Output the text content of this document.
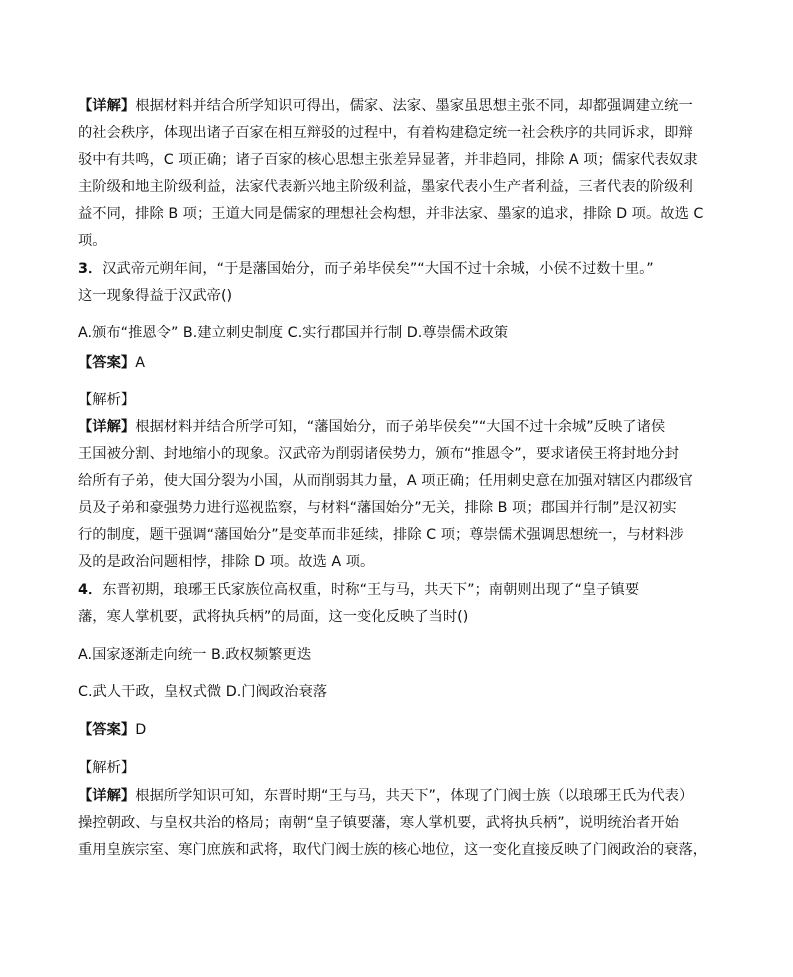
【详解】根据材料并结合所学知识可得出，儒家、法家、墨家虽思想主张不同，却都强调建立统一
的社会秩序，体现出诸子百家在相互辩驳的过程中，有着构建稳定统一社会秩序的共同诉求，即辩
驳中有共鸣，C 项正确；诸子百家的核心思想主张差异显著，并非趋同，排除 A 项；儒家代表奴隶
主阶级和地主阶级利益，法家代表新兴地主阶级利益，墨家代表小生产者利益，三者代表的阶级利
益不同，排除 B 项；王道大同是儒家的理想社会构想，并非法家、墨家的追求，排除 D 项。故选 C
项。
3．汉武帝元朔年间，“于是藩国始分，而子弟毕侯矣”“大国不过十余城，小侯不过数十里。”
这一现象得益于汉武帝()
A.颁布“推恩令” B.建立刺史制度 C.实行郡国并行制 D.尊崇儒术政策
【答案】A
【解析】
【详解】根据材料并结合所学可知，“藩国始分，而子弟毕侯矣”“大国不过十余城”反映了诸侯
王国被分割、封地缩小的现象。汉武帝为削弱诸侯势力，颁布“推恩令”，要求诸侯王将封地分封
给所有子弟，使大国分裂为小国，从而削弱其力量，A 项正确；任用刺史意在加强对辖区内郡级官
员及子弟和豪强势力进行巡视监察，与材料“藩国始分”无关，排除 B 项；郡国并行制”是汉初实
行的制度，题干强调“藩国始分”是变革而非延续，排除 C 项；尊崇儒术强调思想统一，与材料涉
及的是政治问题相悖，排除 D 项。故选 A 项。
4．东晋初期，琅琊王氏家族位高权重，时称“王与马，共天下”；南朝则出现了“皇子镇要
藩，寒人掌机要，武将执兵柄”的局面，这一变化反映了当时()
A.国家逐渐走向统一 B.政权频繁更迭
C.武人干政，皇权式微 D.门阀政治衰落
【答案】D
【解析】
【详解】根据所学知识可知，东晋时期“王与马，共天下”，体现了门阀士族（以琅琊王氏为代表）
操控朝政、与皇权共治的格局；南朝“皇子镇要藩，寒人掌机要，武将执兵柄”，说明统治者开始
重用皇族宗室、寒门庶族和武将，取代门阀士族的核心地位，这一变化直接反映了门阀政治的衰落，
